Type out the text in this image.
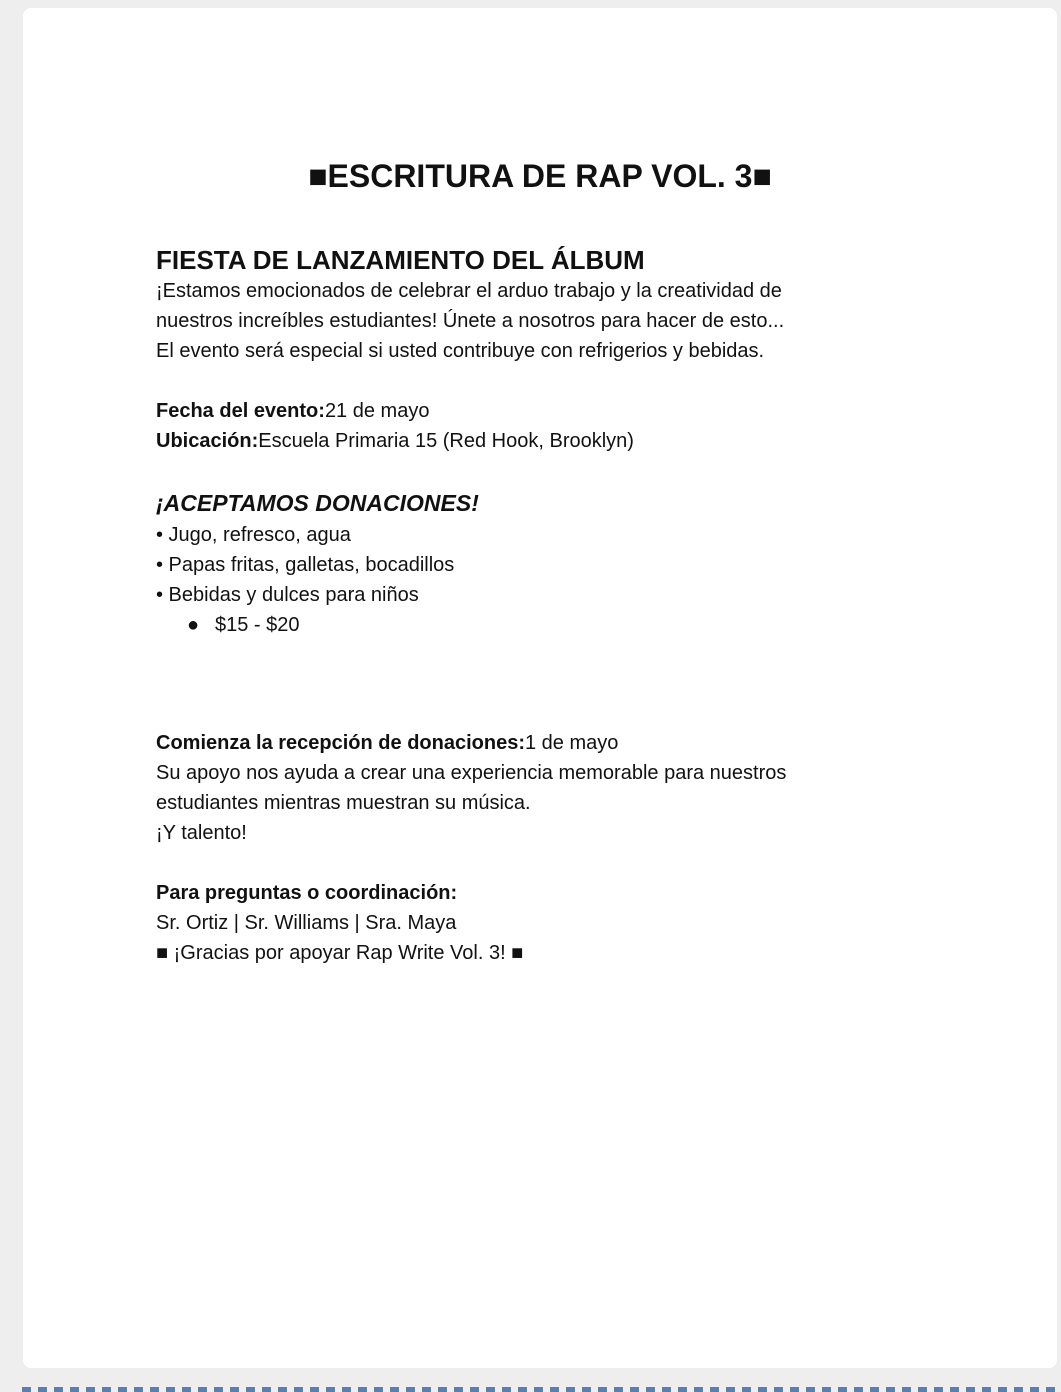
■ESCRITURA DE RAP VOL. 3■

FIESTA DE LANZAMIENTO DEL ÁLBUM

¡Estamos emocionados de celebrar el arduo trabajo y la creatividad de

nuestros increíbles estudiantes! Únete a nosotros para hacer de esto...

El evento será especial si usted contribuye con refrigerios y bebidas.

Fecha del evento:21 de mayo

Ubicación:Escuela Primaria 15 (Red Hook, Brooklyn)

¡ACEPTAMOS DONACIONES!

• Jugo, refresco, agua
• Papas fritas, galletas, bocadillos
• Bebidas y dulces para niños
● $15 - $20

Comienza la recepción de donaciones:1 de mayo

Su apoyo nos ayuda a crear una experiencia memorable para nuestros

estudiantes mientras muestran su música.

¡Y talento!

Para preguntas o coordinación:

Sr. Ortiz | Sr. Williams | Sra. Maya

■ ¡Gracias por apoyar Rap Write Vol. 3! ■
